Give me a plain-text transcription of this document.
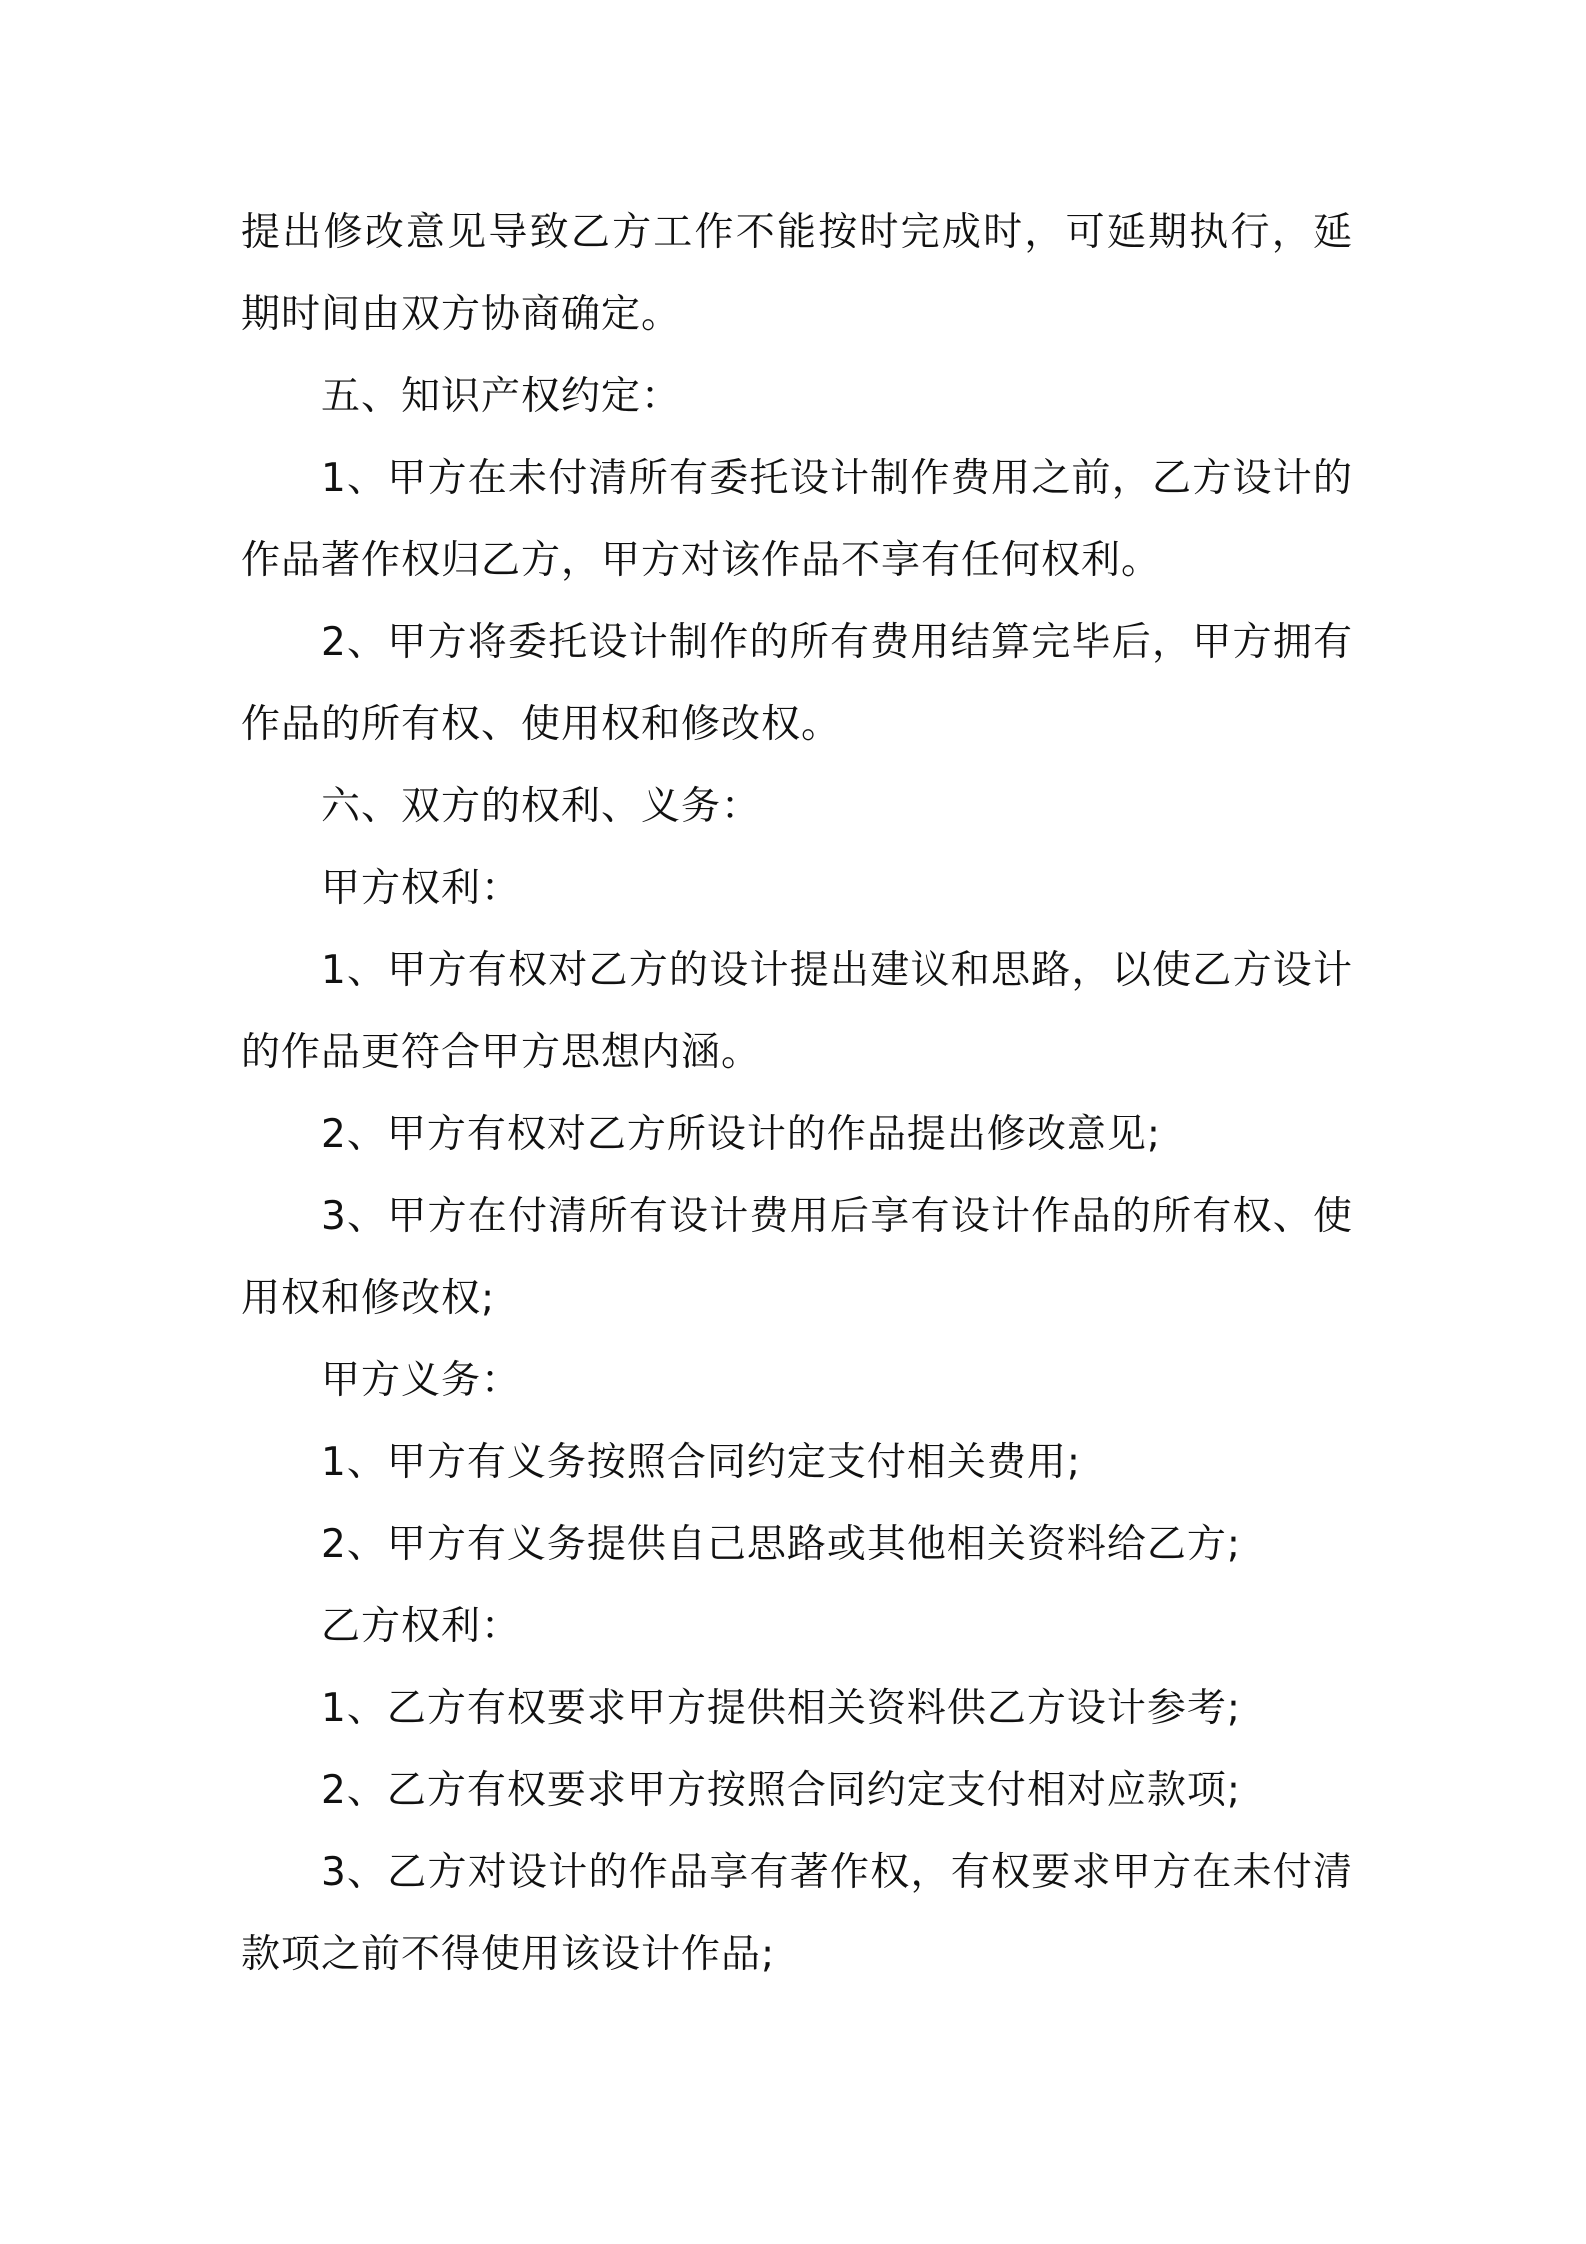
提出修改意见导致乙方工作不能按时完成时，可延期执行，延期时间由双方协商确定。

五、知识产权约定：

1、甲方在未付清所有委托设计制作费用之前，乙方设计的作品著作权归乙方，甲方对该作品不享有任何权利。

2、甲方将委托设计制作的所有费用结算完毕后，甲方拥有作品的所有权、使用权和修改权。

六、双方的权利、义务：

甲方权利：

1、甲方有权对乙方的设计提出建议和思路，以使乙方设计的作品更符合甲方思想内涵。

2、甲方有权对乙方所设计的作品提出修改意见;

3、甲方在付清所有设计费用后享有设计作品的所有权、使用权和修改权;

甲方义务：

1、甲方有义务按照合同约定支付相关费用;

2、甲方有义务提供自己思路或其他相关资料给乙方;

乙方权利：

1、乙方有权要求甲方提供相关资料供乙方设计参考;

2、乙方有权要求甲方按照合同约定支付相对应款项;

3、乙方对设计的作品享有著作权，有权要求甲方在未付清款项之前不得使用该设计作品;
